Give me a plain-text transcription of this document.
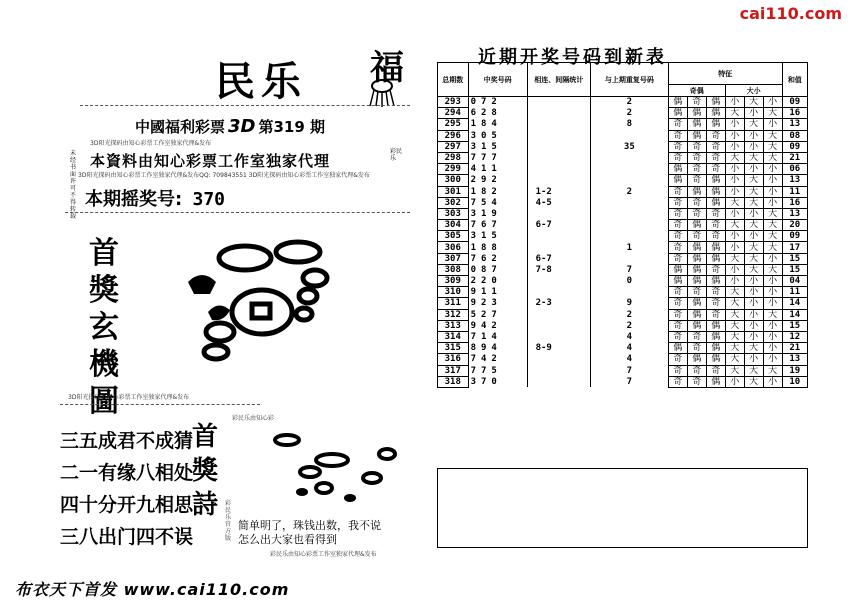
cai110.com
民乐 福
中國福利彩票 3D 第319 期
3D阳光探码由知心彩票工作室独家代理&发布
未经书面许可不得转载
本資料由知心彩票工作室独家代理
彩民乐
3D阳光探码由知心彩票工作室独家代理&发布QQ: 709843551 3D阳光探码由知心彩票工作室独家代理&发布
本期摇奖号: 370
首
獎
玄
機
圖
3D阳光探码由知心彩票工作室独家代理&发布
三五成君不成猜
二一有缘八相处
四十分开九相思
三八出门四不误
首
獎
詩
彩民乐由知心彩
彩民乐官方版
简单明了，珠钱出数，我不说
怎么出大家也看得到
彩民乐由知心彩票工作室独家代理&发布
布衣天下首发 www.cai110.com
近期开奖号码到新表
总期数	中奖号码	相连、间隔统计	与上期重复号码	特征						和值
				奇偶			大小			
293	072		2	偶	奇	偶	小	大	小	09
294	628		2	偶	偶	偶	大	小	大	16
295	184		8	奇	偶	偶	小	大	小	13
296	305			奇	偶	奇	小	小	大	08
297	315		35	奇	奇	奇	小	小	大	09
298	777			奇	奇	奇	大	大	大	21
299	411			偶	奇	奇	小	小	小	06
300	292			偶	奇	偶	小	大	小	13
301	182	1-2	2	奇	偶	偶	小	大	小	11
302	754	4-5		奇	奇	偶	大	大	小	16
303	319			奇	奇	奇	小	小	大	13
304	767	6-7		奇	偶	奇	大	大	大	20
305	315			奇	奇	奇	小	小	大	09
306	188		1	奇	偶	偶	小	大	大	17
307	762	6-7		奇	偶	偶	大	大	小	15
308	087	7-8	7	偶	偶	奇	小	大	大	15
309	220		0	偶	偶	偶	小	小	小	04
310	911			奇	奇	奇	大	小	小	11
311	923	2-3	9	奇	偶	奇	大	小	小	14
312	527		2	奇	偶	奇	大	小	大	14
313	942		2	奇	偶	偶	大	小	小	15
314	714		4	奇	奇	偶	大	小	小	12
315	894	8-9	4	偶	奇	偶	大	大	小	21
316	742		4	奇	偶	偶	大	小	小	13
317	775		7	奇	奇	奇	大	大	大	19
318	370		7	奇	奇	偶	小	大	小	10
